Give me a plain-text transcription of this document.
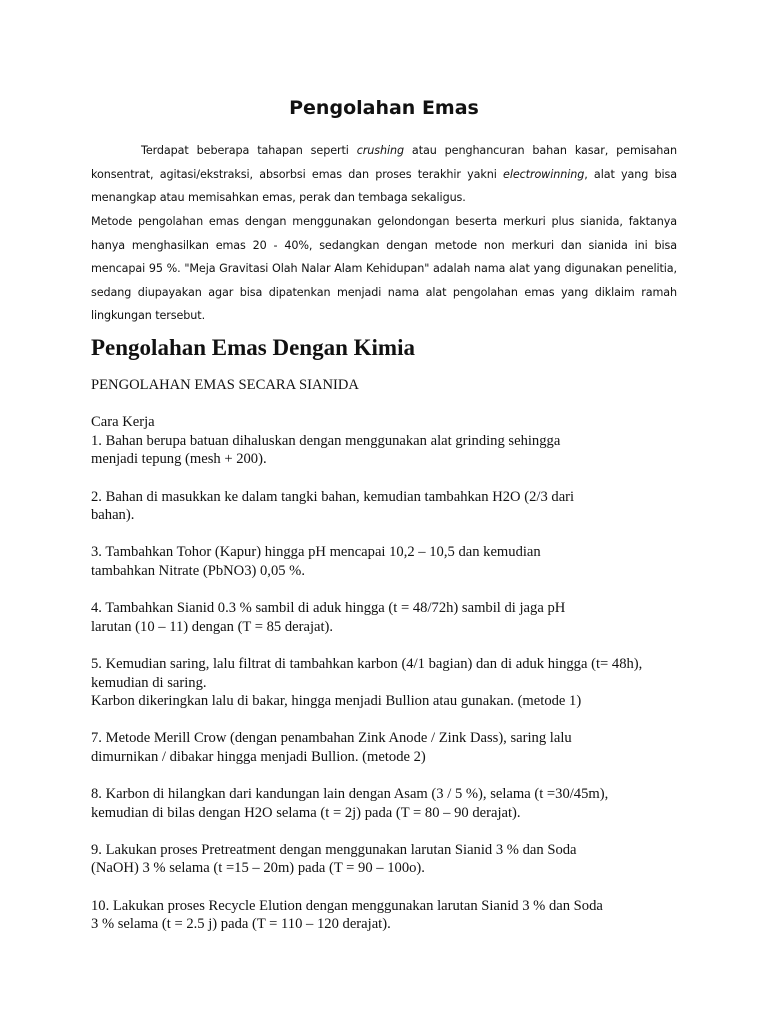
Pengolahan Emas

Terdapat beberapa tahapan seperti crushing atau penghancuran bahan kasar, pemisahan konsentrat, agitasi/ekstraksi, absorbsi emas dan proses terakhir yakni electrowinning, alat yang bisa menangkap atau memisahkan emas, perak dan tembaga sekaligus.

Metode pengolahan emas dengan menggunakan gelondongan beserta merkuri plus sianida, faktanya hanya menghasilkan emas 20 - 40%, sedangkan dengan metode non merkuri dan sianida ini bisa mencapai 95 %. "Meja Gravitasi Olah Nalar Alam Kehidupan" adalah nama alat yang digunakan penelitia, sedang diupayakan agar bisa dipatenkan menjadi nama alat pengolahan emas yang diklaim ramah lingkungan tersebut.

Pengolahan Emas Dengan Kimia

PENGOLAHAN EMAS SECARA SIANIDA

Cara Kerja

1. Bahan berupa batuan dihaluskan dengan menggunakan alat grinding sehingga

menjadi tepung (mesh + 200).

2. Bahan di masukkan ke dalam tangki bahan, kemudian tambahkan H2O (2/3 dari

bahan).

3. Tambahkan Tohor (Kapur) hingga pH mencapai 10,2 – 10,5 dan kemudian

tambahkan Nitrate (PbNO3) 0,05 %.

4. Tambahkan Sianid 0.3 % sambil di aduk hingga (t = 48/72h) sambil di jaga pH

larutan (10 – 11) dengan (T = 85 derajat).

5. Kemudian saring, lalu filtrat di tambahkan karbon (4/1 bagian) dan di aduk hingga (t= 48h),

kemudian di saring.

Karbon dikeringkan lalu di bakar, hingga menjadi Bullion atau gunakan. (metode 1)

7. Metode Merill Crow (dengan penambahan Zink Anode / Zink Dass), saring lalu

dimurnikan / dibakar hingga menjadi Bullion. (metode 2)

8. Karbon di hilangkan dari kandungan lain dengan Asam (3 / 5 %), selama (t =30/45m),

kemudian di bilas dengan H2O selama (t = 2j) pada (T = 80 – 90 derajat).

9. Lakukan proses Pretreatment dengan menggunakan larutan Sianid 3 % dan Soda

(NaOH) 3 % selama (t =15 – 20m) pada (T = 90 – 100o).

10. Lakukan proses Recycle Elution dengan menggunakan larutan Sianid 3 % dan Soda

3 % selama (t = 2.5 j) pada (T = 110 – 120 derajat).
